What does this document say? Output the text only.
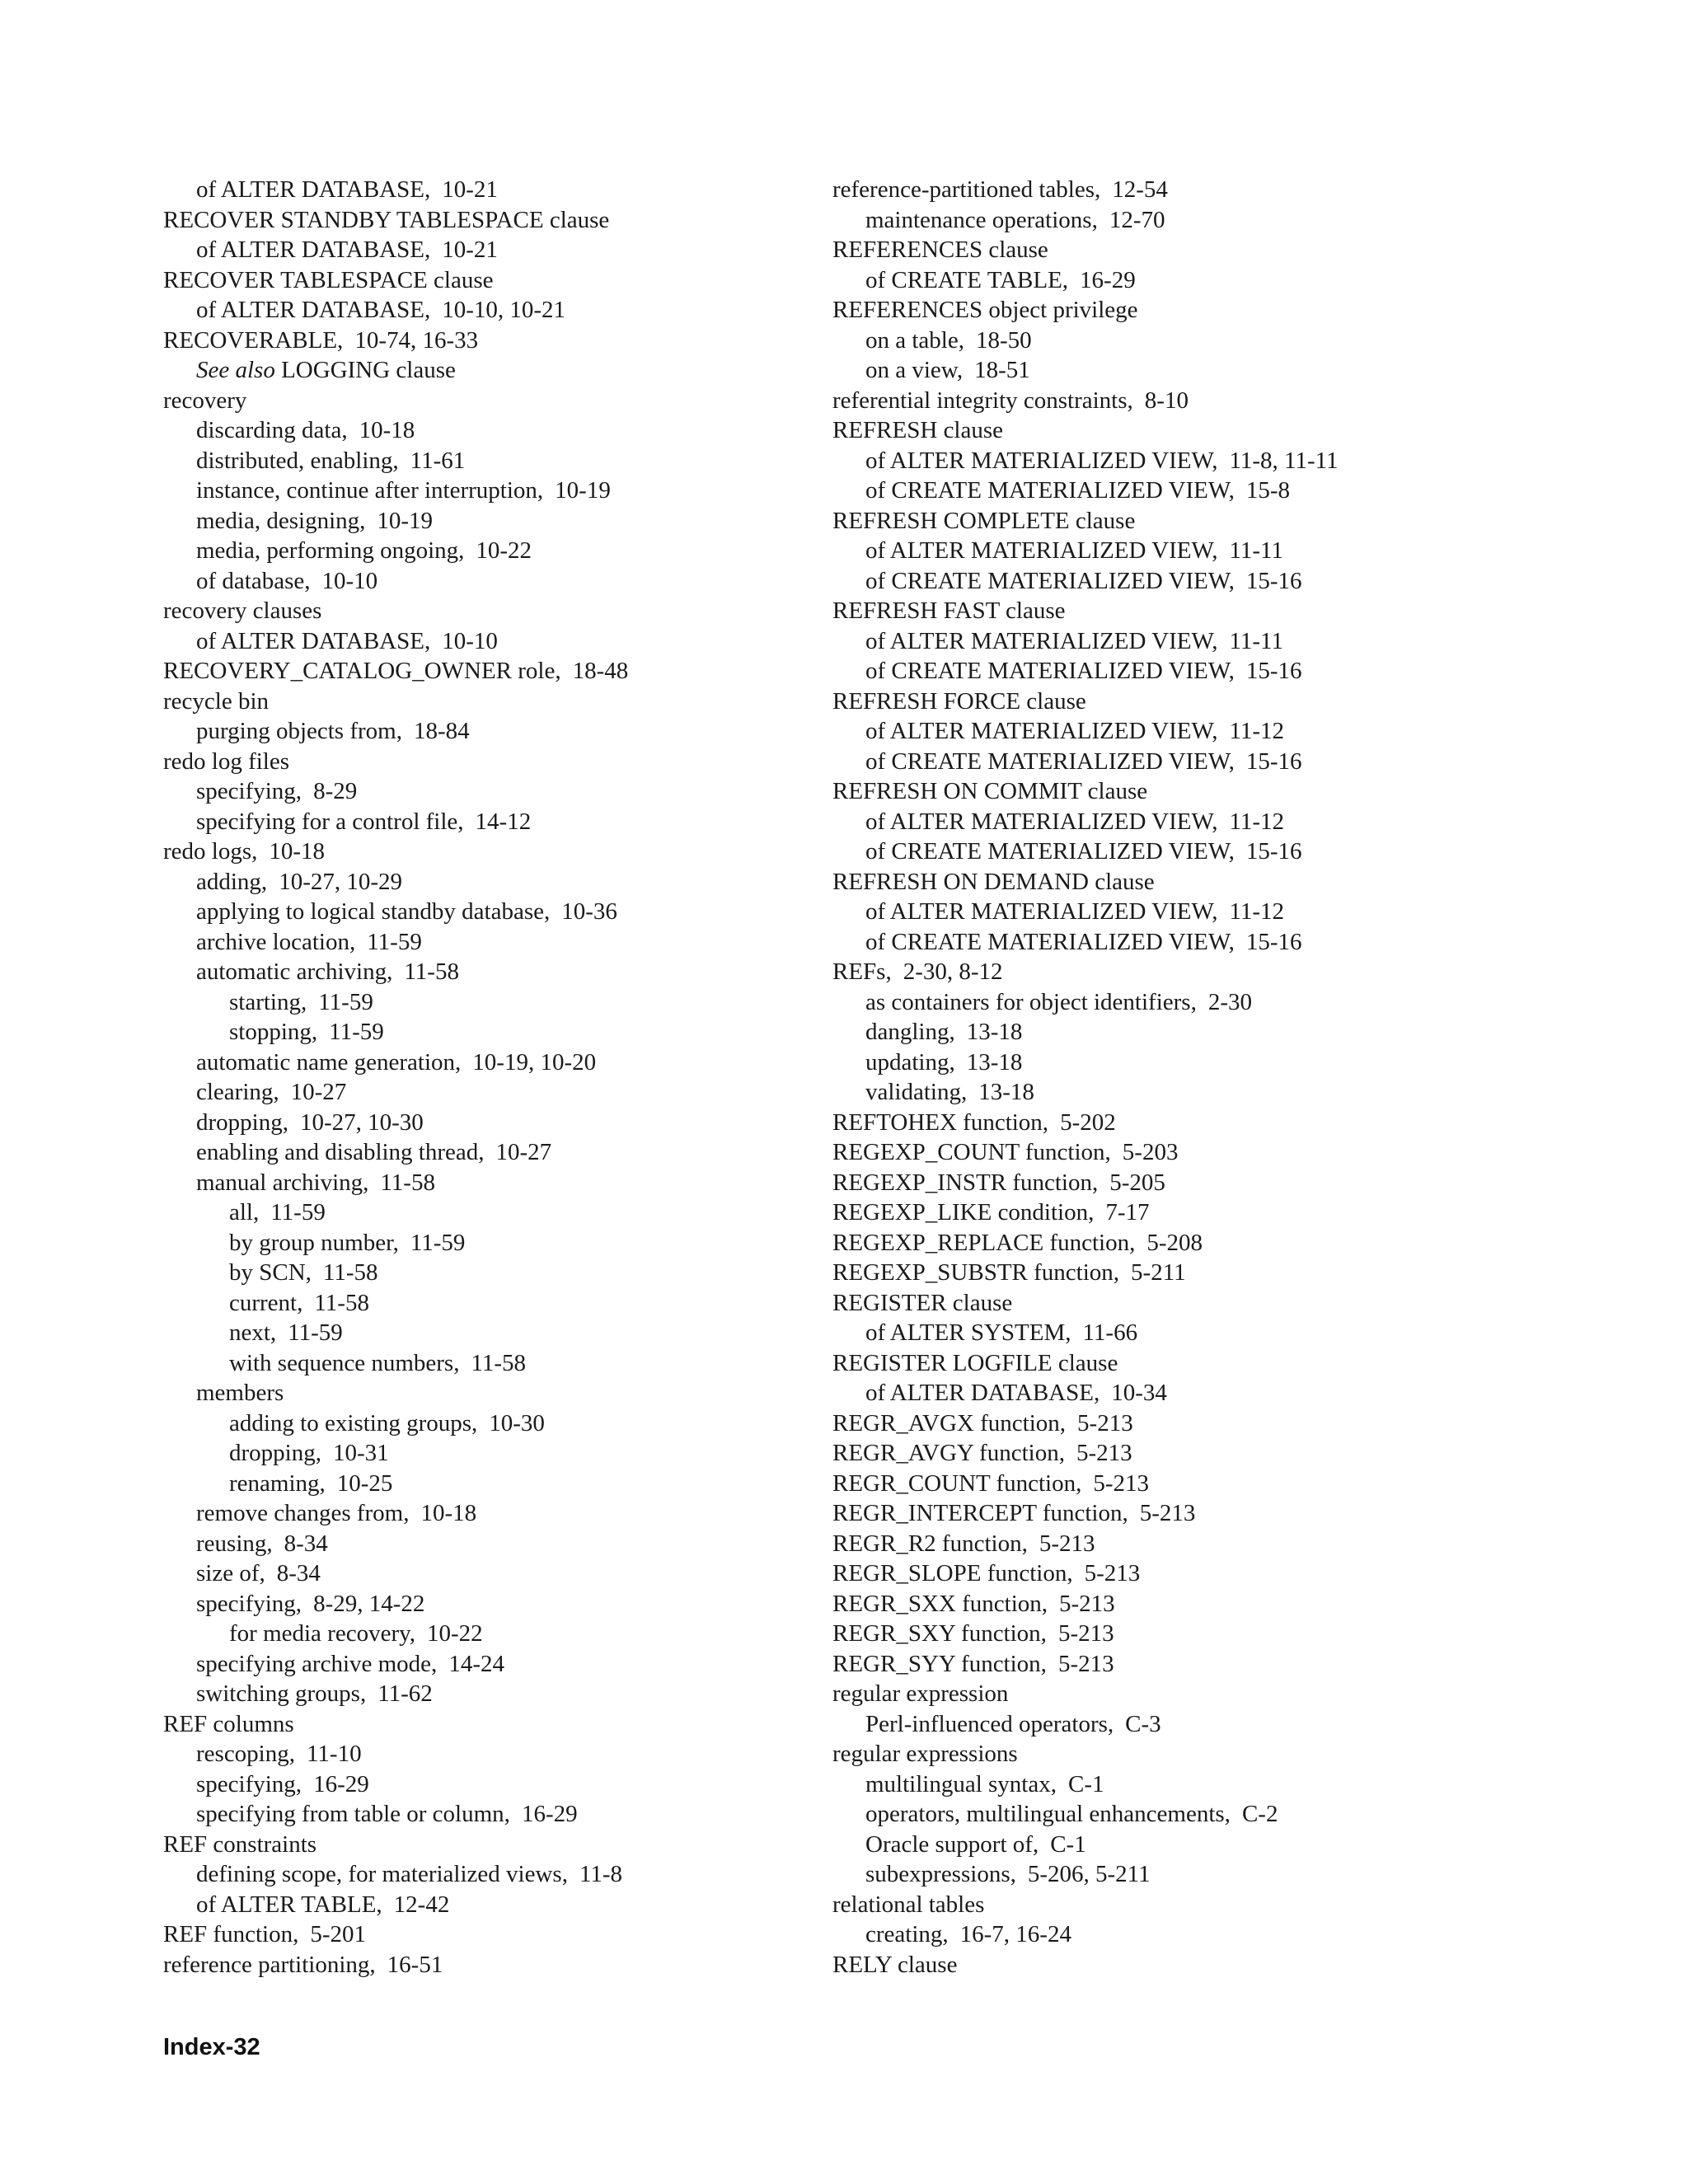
of ALTER DATABASE, 10-21
RECOVER STANDBY TABLESPACE clause
of ALTER DATABASE, 10-21
RECOVER TABLESPACE clause
of ALTER DATABASE, 10-10, 10-21
RECOVERABLE, 10-74, 16-33
See also LOGGING clause
recovery
discarding data, 10-18
distributed, enabling, 11-61
instance, continue after interruption, 10-19
media, designing, 10-19
media, performing ongoing, 10-22
of database, 10-10
recovery clauses
of ALTER DATABASE, 10-10
RECOVERY_CATALOG_OWNER role, 18-48
recycle bin
purging objects from, 18-84
redo log files
specifying, 8-29
specifying for a control file, 14-12
redo logs, 10-18
adding, 10-27, 10-29
applying to logical standby database, 10-36
archive location, 11-59
automatic archiving, 11-58
starting, 11-59
stopping, 11-59
automatic name generation, 10-19, 10-20
clearing, 10-27
dropping, 10-27, 10-30
enabling and disabling thread, 10-27
manual archiving, 11-58
all, 11-59
by group number, 11-59
by SCN, 11-58
current, 11-58
next, 11-59
with sequence numbers, 11-58
members
adding to existing groups, 10-30
dropping, 10-31
renaming, 10-25
remove changes from, 10-18
reusing, 8-34
size of, 8-34
specifying, 8-29, 14-22
for media recovery, 10-22
specifying archive mode, 14-24
switching groups, 11-62
REF columns
rescoping, 11-10
specifying, 16-29
specifying from table or column, 16-29
REF constraints
defining scope, for materialized views, 11-8
of ALTER TABLE, 12-42
REF function, 5-201
reference partitioning, 16-51
reference-partitioned tables, 12-54
maintenance operations, 12-70
REFERENCES clause
of CREATE TABLE, 16-29
REFERENCES object privilege
on a table, 18-50
on a view, 18-51
referential integrity constraints, 8-10
REFRESH clause
of ALTER MATERIALIZED VIEW, 11-8, 11-11
of CREATE MATERIALIZED VIEW, 15-8
REFRESH COMPLETE clause
of ALTER MATERIALIZED VIEW, 11-11
of CREATE MATERIALIZED VIEW, 15-16
REFRESH FAST clause
of ALTER MATERIALIZED VIEW, 11-11
of CREATE MATERIALIZED VIEW, 15-16
REFRESH FORCE clause
of ALTER MATERIALIZED VIEW, 11-12
of CREATE MATERIALIZED VIEW, 15-16
REFRESH ON COMMIT clause
of ALTER MATERIALIZED VIEW, 11-12
of CREATE MATERIALIZED VIEW, 15-16
REFRESH ON DEMAND clause
of ALTER MATERIALIZED VIEW, 11-12
of CREATE MATERIALIZED VIEW, 15-16
REFs, 2-30, 8-12
as containers for object identifiers, 2-30
dangling, 13-18
updating, 13-18
validating, 13-18
REFTOHEX function, 5-202
REGEXP_COUNT function, 5-203
REGEXP_INSTR function, 5-205
REGEXP_LIKE condition, 7-17
REGEXP_REPLACE function, 5-208
REGEXP_SUBSTR function, 5-211
REGISTER clause
of ALTER SYSTEM, 11-66
REGISTER LOGFILE clause
of ALTER DATABASE, 10-34
REGR_AVGX function, 5-213
REGR_AVGY function, 5-213
REGR_COUNT function, 5-213
REGR_INTERCEPT function, 5-213
REGR_R2 function, 5-213
REGR_SLOPE function, 5-213
REGR_SXX function, 5-213
REGR_SXY function, 5-213
REGR_SYY function, 5-213
regular expression
Perl-influenced operators, C-3
regular expressions
multilingual syntax, C-1
operators, multilingual enhancements, C-2
Oracle support of, C-1
subexpressions, 5-206, 5-211
relational tables
creating, 16-7, 16-24
RELY clause
Index-32
